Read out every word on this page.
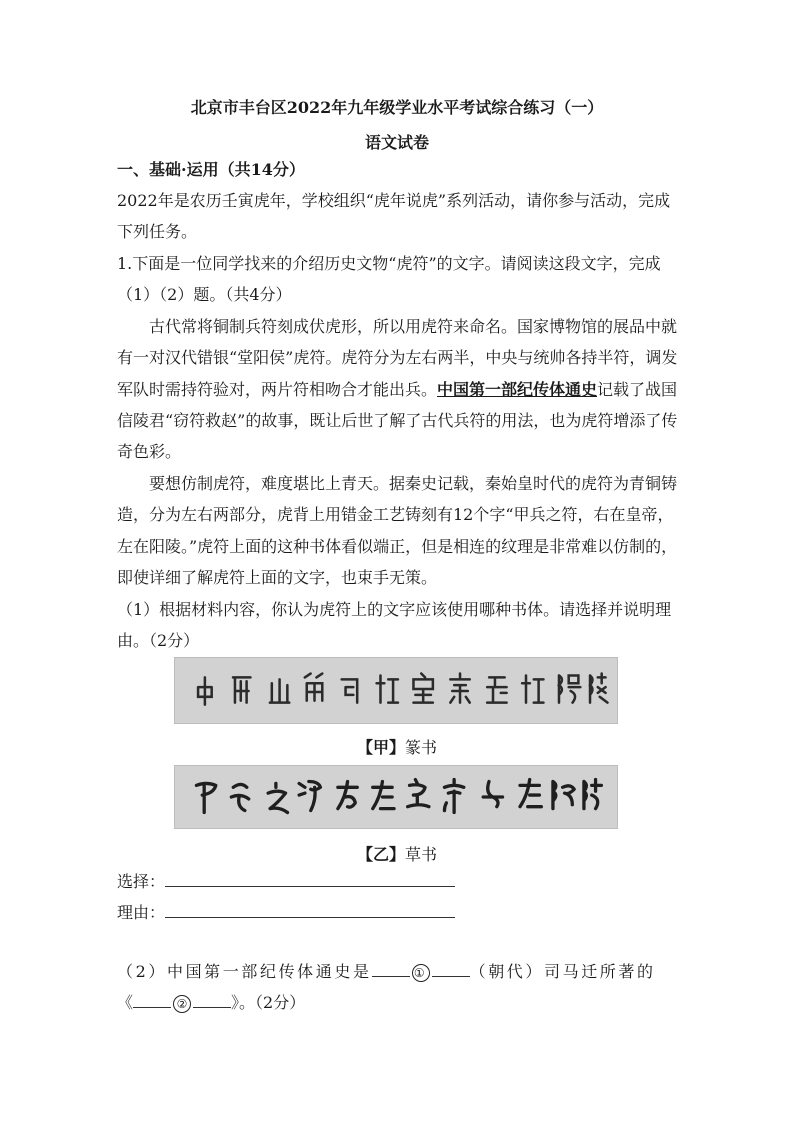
北京市丰台区2022年九年级学业水平考试综合练习（一）
语文试卷
一、基础·运用（共14分）
2022年是农历壬寅虎年，学校组织“虎年说虎”系列活动，请你参与活动，完成
下列任务。
1.下面是一位同学找来的介绍历史文物“虎符”的文字。请阅读这段文字，完成
（1）（2）题。（共4分）
古代常将铜制兵符刻成伏虎形，所以用虎符来命名。国家博物馆的展品中就
有一对汉代错银“堂阳侯”虎符。虎符分为左右两半，中央与统帅各持半符，调发
军队时需持符验对，两片符相吻合才能出兵。中国第一部纪传体通史记载了战国
信陵君“窃符救赵”的故事，既让后世了解了古代兵符的用法，也为虎符增添了传
奇色彩。
要想仿制虎符，难度堪比上青天。据秦史记载，秦始皇时代的虎符为青铜铸
造，分为左右两部分，虎背上用错金工艺铸刻有12个字“甲兵之符，右在皇帝，
左在阳陵。”虎符上面的这种书体看似端正，但是相连的纹理是非常难以仿制的，
即使详细了解虎符上面的文字，也束手无策。
（1）根据材料内容，你认为虎符上的文字应该使用哪种书体。请选择并说明理
由。（2分）
【甲】篆书
【乙】草书
选择：
理由：
（2）中国第一部纪传体通史是	①	（朝代）司马迁所著的
《	②	》。（2分）
